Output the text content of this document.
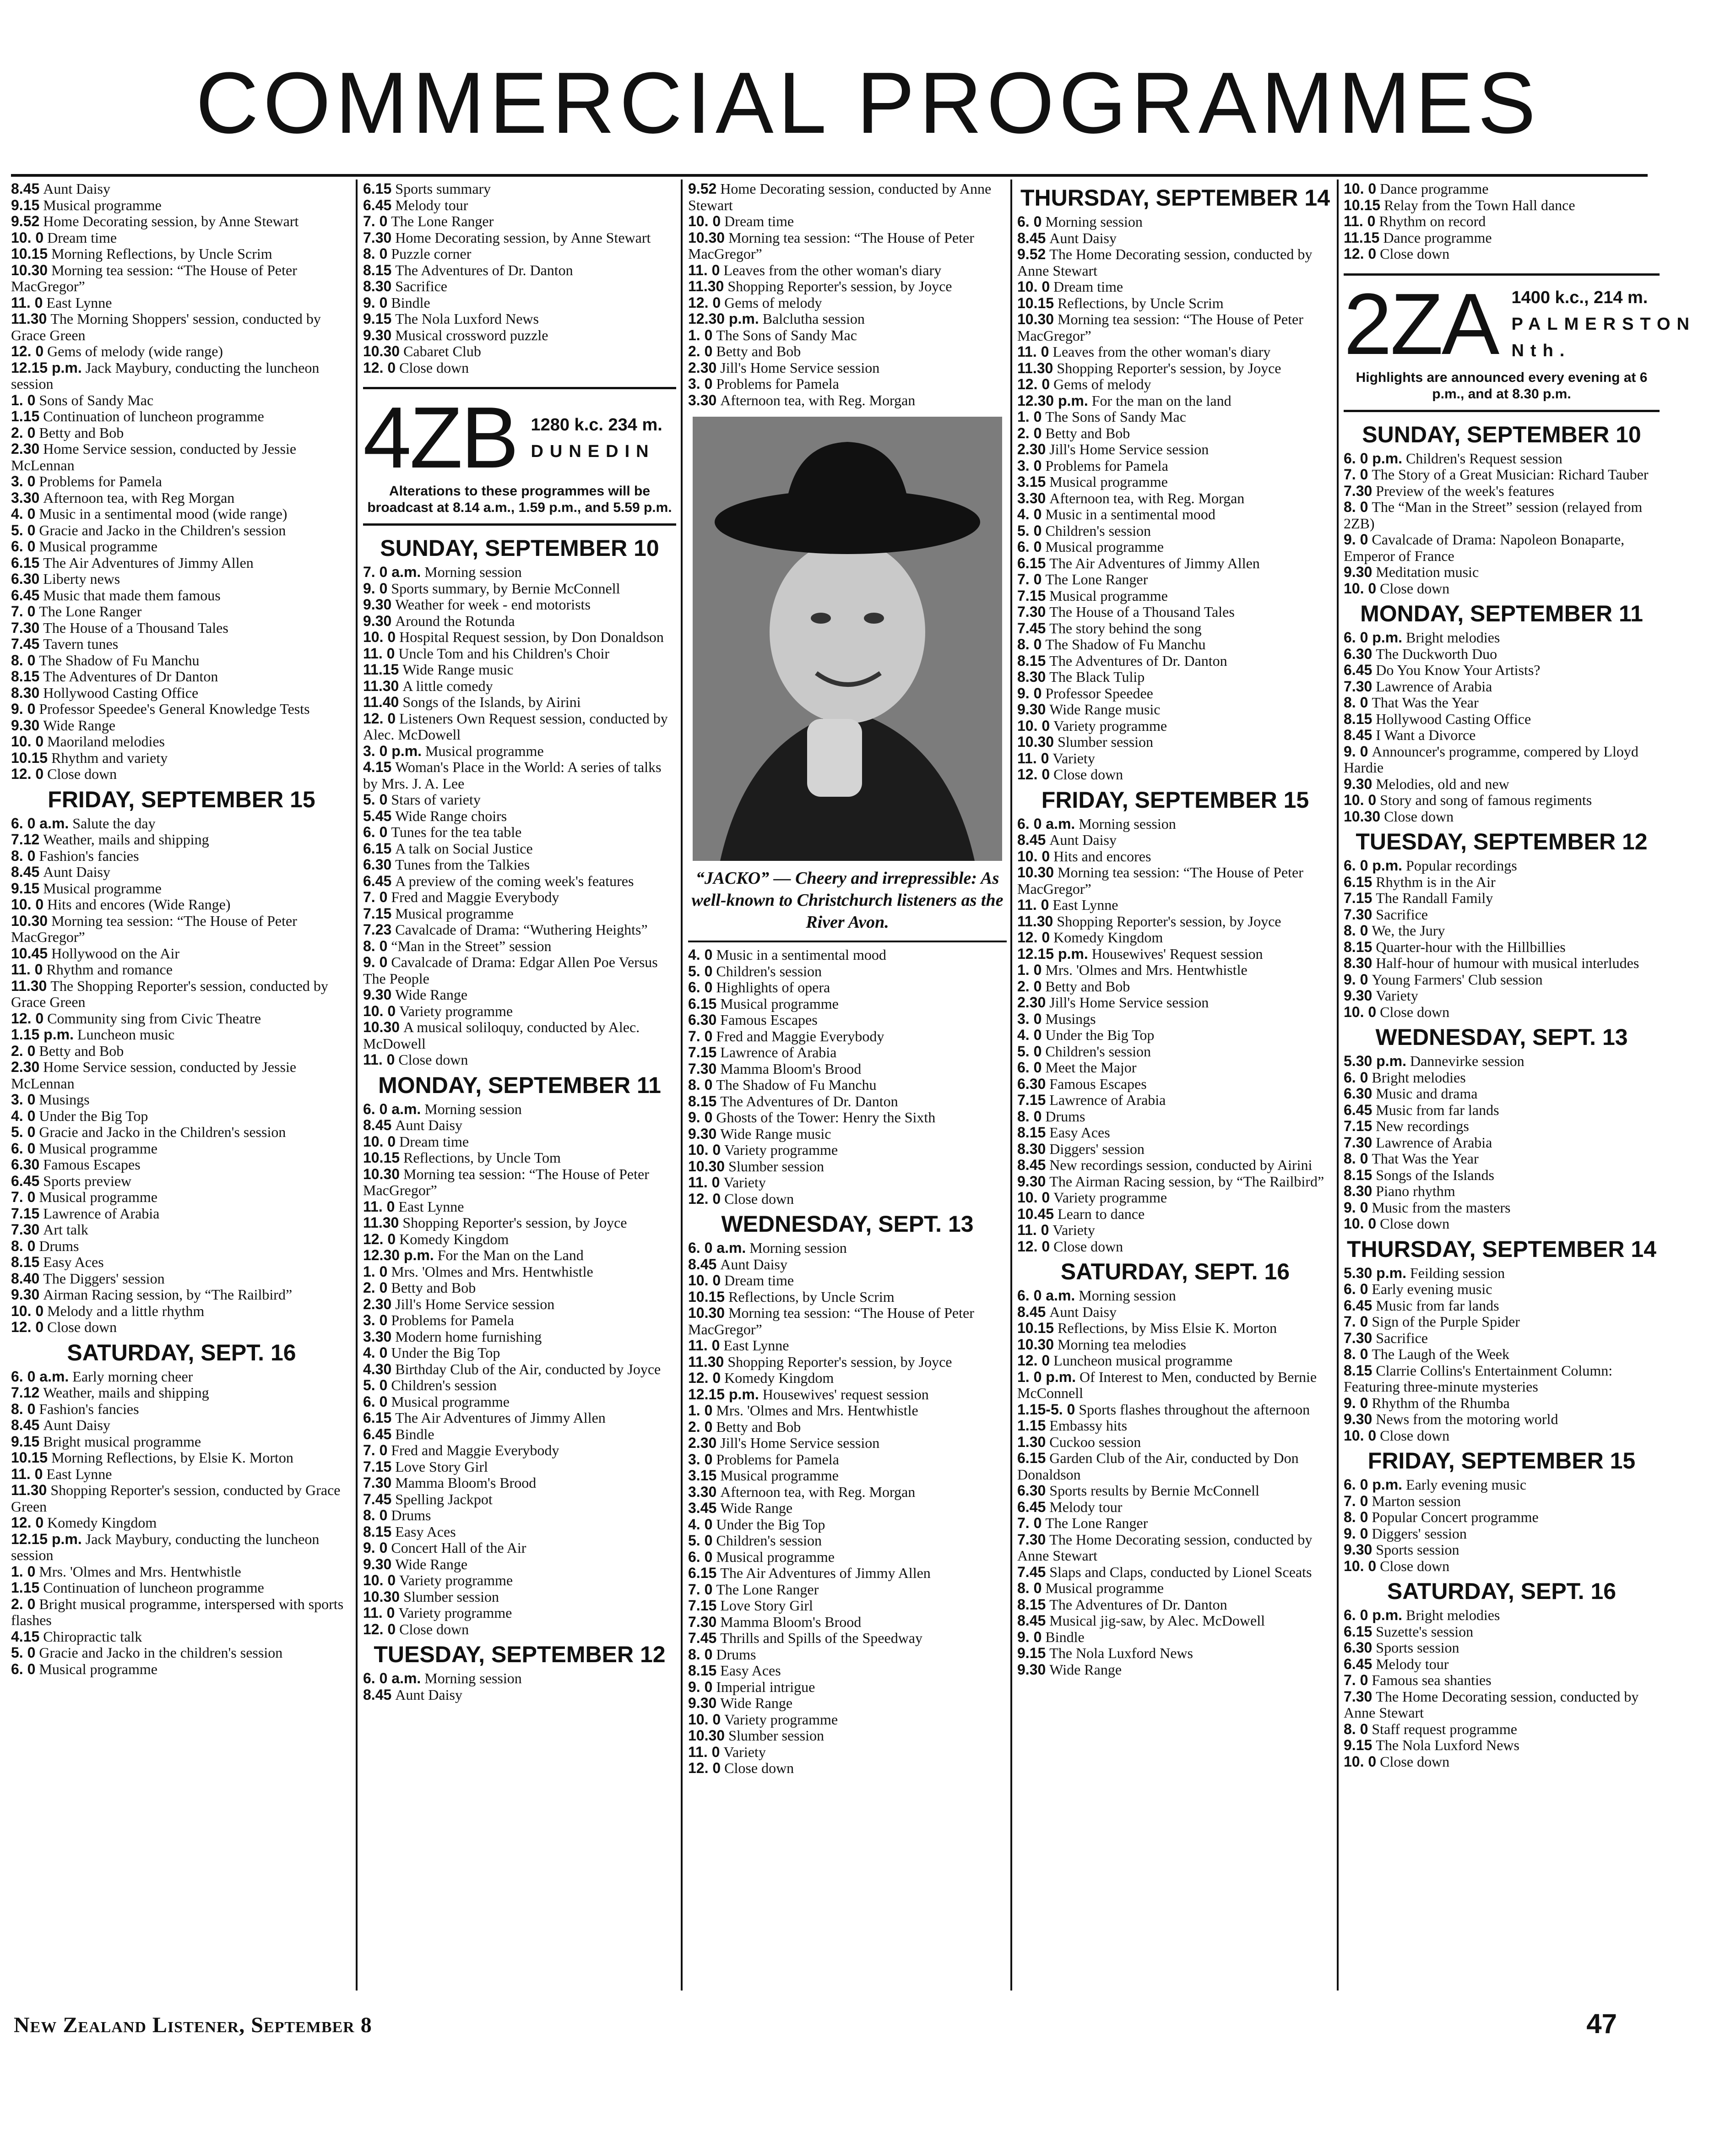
COMMERCIAL PROGRAMMES

8.45 Aunt Daisy

9.15 Musical programme

9.52 Home Decorating session, by Anne Stewart

10. 0 Dream time

10.15 Morning Reflections, by Uncle Scrim

10.30 Morning tea session: “The House of Peter MacGregor”

11. 0 East Lynne

11.30 The Morning Shoppers' session, conducted by Grace Green

12. 0 Gems of melody (wide range)

12.15 p.m. Jack Maybury, conducting the luncheon session

1. 0 Sons of Sandy Mac

1.15 Continuation of luncheon programme

2. 0 Betty and Bob

2.30 Home Service session, conducted by Jessie McLennan

3. 0 Problems for Pamela

3.30 Afternoon tea, with Reg Morgan

4. 0 Music in a sentimental mood (wide range)

5. 0 Gracie and Jacko in the Children's session

6. 0 Musical programme

6.15 The Air Adventures of Jimmy Allen

6.30 Liberty news

6.45 Music that made them famous

7. 0 The Lone Ranger

7.30 The House of a Thousand Tales

7.45 Tavern tunes

8. 0 The Shadow of Fu Manchu

8.15 The Adventures of Dr Danton

8.30 Hollywood Casting Office

9. 0 Professor Speedee's General Knowledge Tests

9.30 Wide Range

10. 0 Maoriland melodies

10.15 Rhythm and variety

12. 0 Close down

FRIDAY, SEPTEMBER 15

6. 0 a.m. Salute the day

7.12 Weather, mails and shipping

8. 0 Fashion's fancies

8.45 Aunt Daisy

9.15 Musical programme

10. 0 Hits and encores (Wide Range)

10.30 Morning tea session: “The House of Peter MacGregor”

10.45 Hollywood on the Air

11. 0 Rhythm and romance

11.30 The Shopping Reporter's session, conducted by Grace Green

12. 0 Community sing from Civic Theatre

1.15 p.m. Luncheon music

2. 0 Betty and Bob

2.30 Home Service session, conducted by Jessie McLennan

3. 0 Musings

4. 0 Under the Big Top

5. 0 Gracie and Jacko in the Children's session

6. 0 Musical programme

6.30 Famous Escapes

6.45 Sports preview

7. 0 Musical programme

7.15 Lawrence of Arabia

7.30 Art talk

8. 0 Drums

8.15 Easy Aces

8.40 The Diggers' session

9.30 Airman Racing session, by “The Railbird”

10. 0 Melody and a little rhythm

12. 0 Close down

SATURDAY, SEPT. 16

6. 0 a.m. Early morning cheer

7.12 Weather, mails and shipping

8. 0 Fashion's fancies

8.45 Aunt Daisy

9.15 Bright musical programme

10.15 Morning Reflections, by Elsie K. Morton

11. 0 East Lynne

11.30 Shopping Reporter's session, conducted by Grace Green

12. 0 Komedy Kingdom

12.15 p.m. Jack Maybury, conducting the luncheon session

1. 0 Mrs. 'Olmes and Mrs. Hentwhistle

1.15 Continuation of luncheon programme

2. 0 Bright musical programme, interspersed with sports flashes

4.15 Chiropractic talk

5. 0 Gracie and Jacko in the children's session

6. 0 Musical programme

6.15 Sports summary

6.45 Melody tour

7. 0 The Lone Ranger

7.30 Home Decorating session, by Anne Stewart

8. 0 Puzzle corner

8.15 The Adventures of Dr. Danton

8.30 Sacrifice

9. 0 Bindle

9.15 The Nola Luxford News

9.30 Musical crossword puzzle

10.30 Cabaret Club

12. 0 Close down

4ZB 1280 k.c. 234 m.
DUNEDIN
Alterations to these programmes will be broadcast at 8.14 a.m., 1.59 p.m., and 5.59 p.m.
SUNDAY, SEPTEMBER 10

7. 0 a.m. Morning session

9. 0 Sports summary, by Bernie McConnell

9.30 Weather for week - end motorists

9.30 Around the Rotunda

10. 0 Hospital Request session, by Don Donaldson

11. 0 Uncle Tom and his Children's Choir

11.15 Wide Range music

11.30 A little comedy

11.40 Songs of the Islands, by Airini

12. 0 Listeners Own Request session, conducted by Alec. McDowell

3. 0 p.m. Musical programme

4.15 Woman's Place in the World: A series of talks by Mrs. J. A. Lee

5. 0 Stars of variety

5.45 Wide Range choirs

6. 0 Tunes for the tea table

6.15 A talk on Social Justice

6.30 Tunes from the Talkies

6.45 A preview of the coming week's features

7. 0 Fred and Maggie Everybody

7.15 Musical programme

7.23 Cavalcade of Drama: “Wuthering Heights”

8. 0 “Man in the Street” session

9. 0 Cavalcade of Drama: Edgar Allen Poe Versus The People

9.30 Wide Range

10. 0 Variety programme

10.30 A musical soliloquy, conducted by Alec. McDowell

11. 0 Close down

MONDAY, SEPTEMBER 11

6. 0 a.m. Morning session

8.45 Aunt Daisy

10. 0 Dream time

10.15 Reflections, by Uncle Tom

10.30 Morning tea session: “The House of Peter MacGregor”

11. 0 East Lynne

11.30 Shopping Reporter's session, by Joyce

12. 0 Komedy Kingdom

12.30 p.m. For the Man on the Land

1. 0 Mrs. 'Olmes and Mrs. Hentwhistle

2. 0 Betty and Bob

2.30 Jill's Home Service session

3. 0 Problems for Pamela

3.30 Modern home furnishing

4. 0 Under the Big Top

4.30 Birthday Club of the Air, conducted by Joyce

5. 0 Children's session

6. 0 Musical programme

6.15 The Air Adventures of Jimmy Allen

6.45 Bindle

7. 0 Fred and Maggie Everybody

7.15 Love Story Girl

7.30 Mamma Bloom's Brood

7.45 Spelling Jackpot

8. 0 Drums

8.15 Easy Aces

9. 0 Concert Hall of the Air

9.30 Wide Range

10. 0 Variety programme

10.30 Slumber session

11. 0 Variety programme

12. 0 Close down

TUESDAY, SEPTEMBER 12

6. 0 a.m. Morning session

8.45 Aunt Daisy

9.52 Home Decorating session, conducted by Anne Stewart

10. 0 Dream time

10.30 Morning tea session: “The House of Peter MacGregor”

11. 0 Leaves from the other woman's diary

11.30 Shopping Reporter's session, by Joyce

12. 0 Gems of melody

12.30 p.m. Balclutha session

1. 0 The Sons of Sandy Mac

2. 0 Betty and Bob

2.30 Jill's Home Service session

3. 0 Problems for Pamela

3.30 Afternoon tea, with Reg. Morgan

“JACKO” — Cheery and irrepressible: As well-known to Christchurch listeners as the River Avon.

4. 0 Music in a sentimental mood

5. 0 Children's session

6. 0 Highlights of opera

6.15 Musical programme

6.30 Famous Escapes

7. 0 Fred and Maggie Everybody

7.15 Lawrence of Arabia

7.30 Mamma Bloom's Brood

8. 0 The Shadow of Fu Manchu

8.15 The Adventures of Dr. Danton

9. 0 Ghosts of the Tower: Henry the Sixth

9.30 Wide Range music

10. 0 Variety programme

10.30 Slumber session

11. 0 Variety

12. 0 Close down

WEDNESDAY, SEPT. 13

6. 0 a.m. Morning session

8.45 Aunt Daisy

10. 0 Dream time

10.15 Reflections, by Uncle Scrim

10.30 Morning tea session: “The House of Peter MacGregor”

11. 0 East Lynne

11.30 Shopping Reporter's session, by Joyce

12. 0 Komedy Kingdom

12.15 p.m. Housewives' request session

1. 0 Mrs. 'Olmes and Mrs. Hentwhistle

2. 0 Betty and Bob

2.30 Jill's Home Service session

3. 0 Problems for Pamela

3.15 Musical programme

3.30 Afternoon tea, with Reg. Morgan

3.45 Wide Range

4. 0 Under the Big Top

5. 0 Children's session

6. 0 Musical programme

6.15 The Air Adventures of Jimmy Allen

7. 0 The Lone Ranger

7.15 Love Story Girl

7.30 Mamma Bloom's Brood

7.45 Thrills and Spills of the Speedway

8. 0 Drums

8.15 Easy Aces

9. 0 Imperial intrigue

9.30 Wide Range

10. 0 Variety programme

10.30 Slumber session

11. 0 Variety

12. 0 Close down

THURSDAY, SEPTEMBER 14

6. 0 Morning session

8.45 Aunt Daisy

9.52 The Home Decorating session, conducted by Anne Stewart

10. 0 Dream time

10.15 Reflections, by Uncle Scrim

10.30 Morning tea session: “The House of Peter MacGregor”

11. 0 Leaves from the other woman's diary

11.30 Shopping Reporter's session, by Joyce

12. 0 Gems of melody

12.30 p.m. For the man on the land

1. 0 The Sons of Sandy Mac

2. 0 Betty and Bob

2.30 Jill's Home Service session

3. 0 Problems for Pamela

3.15 Musical programme

3.30 Afternoon tea, with Reg. Morgan

4. 0 Music in a sentimental mood

5. 0 Children's session

6. 0 Musical programme

6.15 The Air Adventures of Jimmy Allen

7. 0 The Lone Ranger

7.15 Musical programme

7.30 The House of a Thousand Tales

7.45 The story behind the song

8. 0 The Shadow of Fu Manchu

8.15 The Adventures of Dr. Danton

8.30 The Black Tulip

9. 0 Professor Speedee

9.30 Wide Range music

10. 0 Variety programme

10.30 Slumber session

11. 0 Variety

12. 0 Close down

FRIDAY, SEPTEMBER 15

6. 0 a.m. Morning session

8.45 Aunt Daisy

10. 0 Hits and encores

10.30 Morning tea session: “The House of Peter MacGregor”

11. 0 East Lynne

11.30 Shopping Reporter's session, by Joyce

12. 0 Komedy Kingdom

12.15 p.m. Housewives' Request session

1. 0 Mrs. 'Olmes and Mrs. Hentwhistle

2. 0 Betty and Bob

2.30 Jill's Home Service session

3. 0 Musings

4. 0 Under the Big Top

5. 0 Children's session

6. 0 Meet the Major

6.30 Famous Escapes

7.15 Lawrence of Arabia

8. 0 Drums

8.15 Easy Aces

8.30 Diggers' session

8.45 New recordings session, conducted by Airini

9.30 The Airman Racing session, by “The Railbird”

10. 0 Variety programme

10.45 Learn to dance

11. 0 Variety

12. 0 Close down

SATURDAY, SEPT. 16

6. 0 a.m. Morning session

8.45 Aunt Daisy

10.15 Reflections, by Miss Elsie K. Morton

10.30 Morning tea melodies

12. 0 Luncheon musical programme

1. 0 p.m. Of Interest to Men, conducted by Bernie McConnell

1.15-5. 0 Sports flashes throughout the afternoon

1.15 Embassy hits

1.30 Cuckoo session

6.15 Garden Club of the Air, conducted by Don Donaldson

6.30 Sports results by Bernie McConnell

6.45 Melody tour

7. 0 The Lone Ranger

7.30 The Home Decorating session, conducted by Anne Stewart

7.45 Slaps and Claps, conducted by Lionel Sceats

8. 0 Musical programme

8.15 The Adventures of Dr. Danton

8.45 Musical jig-saw, by Alec. McDowell

9. 0 Bindle

9.15 The Nola Luxford News

9.30 Wide Range

10. 0 Dance programme

10.15 Relay from the Town Hall dance

11. 0 Rhythm on record

11.15 Dance programme

12. 0 Close down

2ZA 1400 k.c., 214 m.
PALMERSTON Nth.
Highlights are announced every evening at 6 p.m., and at 8.30 p.m.
SUNDAY, SEPTEMBER 10

6. 0 p.m. Children's Request session

7. 0 The Story of a Great Musician: Richard Tauber

7.30 Preview of the week's features

8. 0 The “Man in the Street” session (relayed from 2ZB)

9. 0 Cavalcade of Drama: Napoleon Bonaparte, Emperor of France

9.30 Meditation music

10. 0 Close down

MONDAY, SEPTEMBER 11

6. 0 p.m. Bright melodies

6.30 The Duckworth Duo

6.45 Do You Know Your Artists?

7.30 Lawrence of Arabia

8. 0 That Was the Year

8.15 Hollywood Casting Office

8.45 I Want a Divorce

9. 0 Announcer's programme, compered by Lloyd Hardie

9.30 Melodies, old and new

10. 0 Story and song of famous regiments

10.30 Close down

TUESDAY, SEPTEMBER 12

6. 0 p.m. Popular recordings

6.15 Rhythm is in the Air

7.15 The Randall Family

7.30 Sacrifice

8. 0 We, the Jury

8.15 Quarter-hour with the Hillbillies

8.30 Half-hour of humour with musical interludes

9. 0 Young Farmers' Club session

9.30 Variety

10. 0 Close down

WEDNESDAY, SEPT. 13

5.30 p.m. Dannevirke session

6. 0 Bright melodies

6.30 Music and drama

6.45 Music from far lands

7.15 New recordings

7.30 Lawrence of Arabia

8. 0 That Was the Year

8.15 Songs of the Islands

8.30 Piano rhythm

9. 0 Music from the masters

10. 0 Close down

THURSDAY, SEPTEMBER 14

5.30 p.m. Feilding session

6. 0 Early evening music

6.45 Music from far lands

7. 0 Sign of the Purple Spider

7.30 Sacrifice

8. 0 The Laugh of the Week

8.15 Clarrie Collins's Entertainment Column: Featuring three-minute mysteries

9. 0 Rhythm of the Rhumba

9.30 News from the motoring world

10. 0 Close down

FRIDAY, SEPTEMBER 15

6. 0 p.m. Early evening music

7. 0 Marton session

8. 0 Popular Concert programme

9. 0 Diggers' session

9.30 Sports session

10. 0 Close down

SATURDAY, SEPT. 16

6. 0 p.m. Bright melodies

6.15 Suzette's session

6.30 Sports session

6.45 Melody tour

7. 0 Famous sea shanties

7.30 The Home Decorating session, conducted by Anne Stewart

8. 0 Staff request programme

9.15 The Nola Luxford News

10. 0 Close down

New Zealand Listener, September 8	47
